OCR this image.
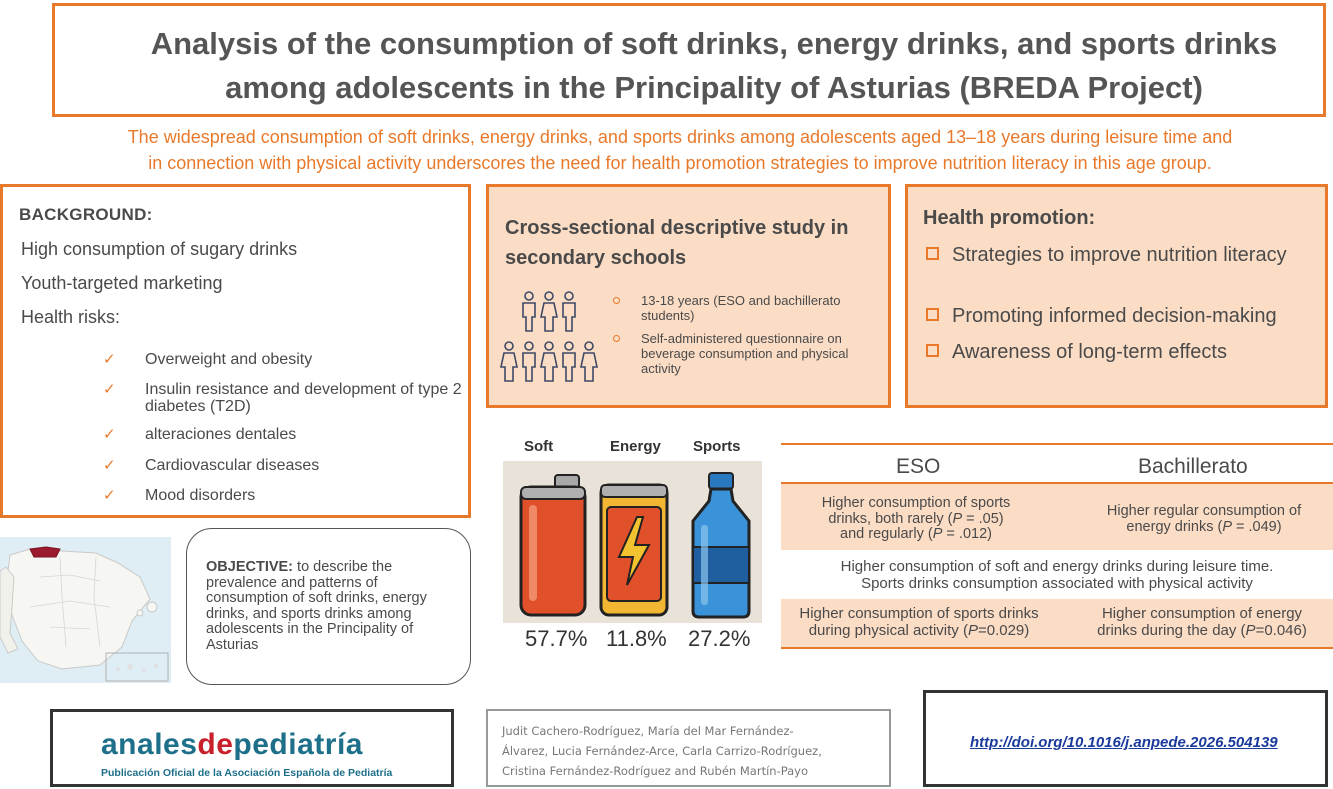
Analysis of the consumption of soft drinks, energy drinks, and sports drinks
among adolescents in the Principality of Asturias (BREDA Project)
The widespread consumption of soft drinks, energy drinks, and sports drinks among adolescents aged 13–18 years during leisure time and
in connection with physical activity underscores the need for health promotion strategies to improve nutrition literacy in this age group.
BACKGROUND:
High consumption of sugary drinks
Youth-targeted marketing
Health risks:
✓ Overweight and obesity
✓ Insulin resistance and development of type 2 diabetes (T2D)
✓ alteraciones dentales
✓ Cardiovascular diseases
✓ Mood disorders
OBJECTIVE: to describe the prevalence and patterns of consumption of soft drinks, energy drinks, and sports drinks among adolescents in the Principality of Asturias
Cross-sectional descriptive study in secondary schools
13-18 years (ESO and bachillerato students)
Self-administered questionnaire on beverage consumption and physical activity
Health promotion:
Strategies to improve nutrition literacy
Promoting informed decision-making
Awareness of long-term effects
Soft	Energy Sports
57.7% 11.8% 27.2%
ESO	Bachillerato
Higher consumption of sports
drinks, both rarely (P = .05)
and regularly (P = .012)
Higher regular consumption of
energy drinks (P = .049)
Higher consumption of soft and energy drinks during leisure time.
Sports drinks consumption associated with physical activity
Higher consumption of sports drinks
during physical activity (P=0.029)
Higher consumption of energy
drinks during the day (P=0.046)
analesdepediatría
Publicación Oficial de la Asociación Española de Pediatría
Judit Cachero-Rodríguez, María del Mar Fernández-
Álvarez, Lucia Fernández-Arce, Carla Carrizo-Rodríguez,
Cristina Fernández-Rodríguez and Rubén Martín-Payo
http://doi.org/10.1016/j.anpede.2026.504139
